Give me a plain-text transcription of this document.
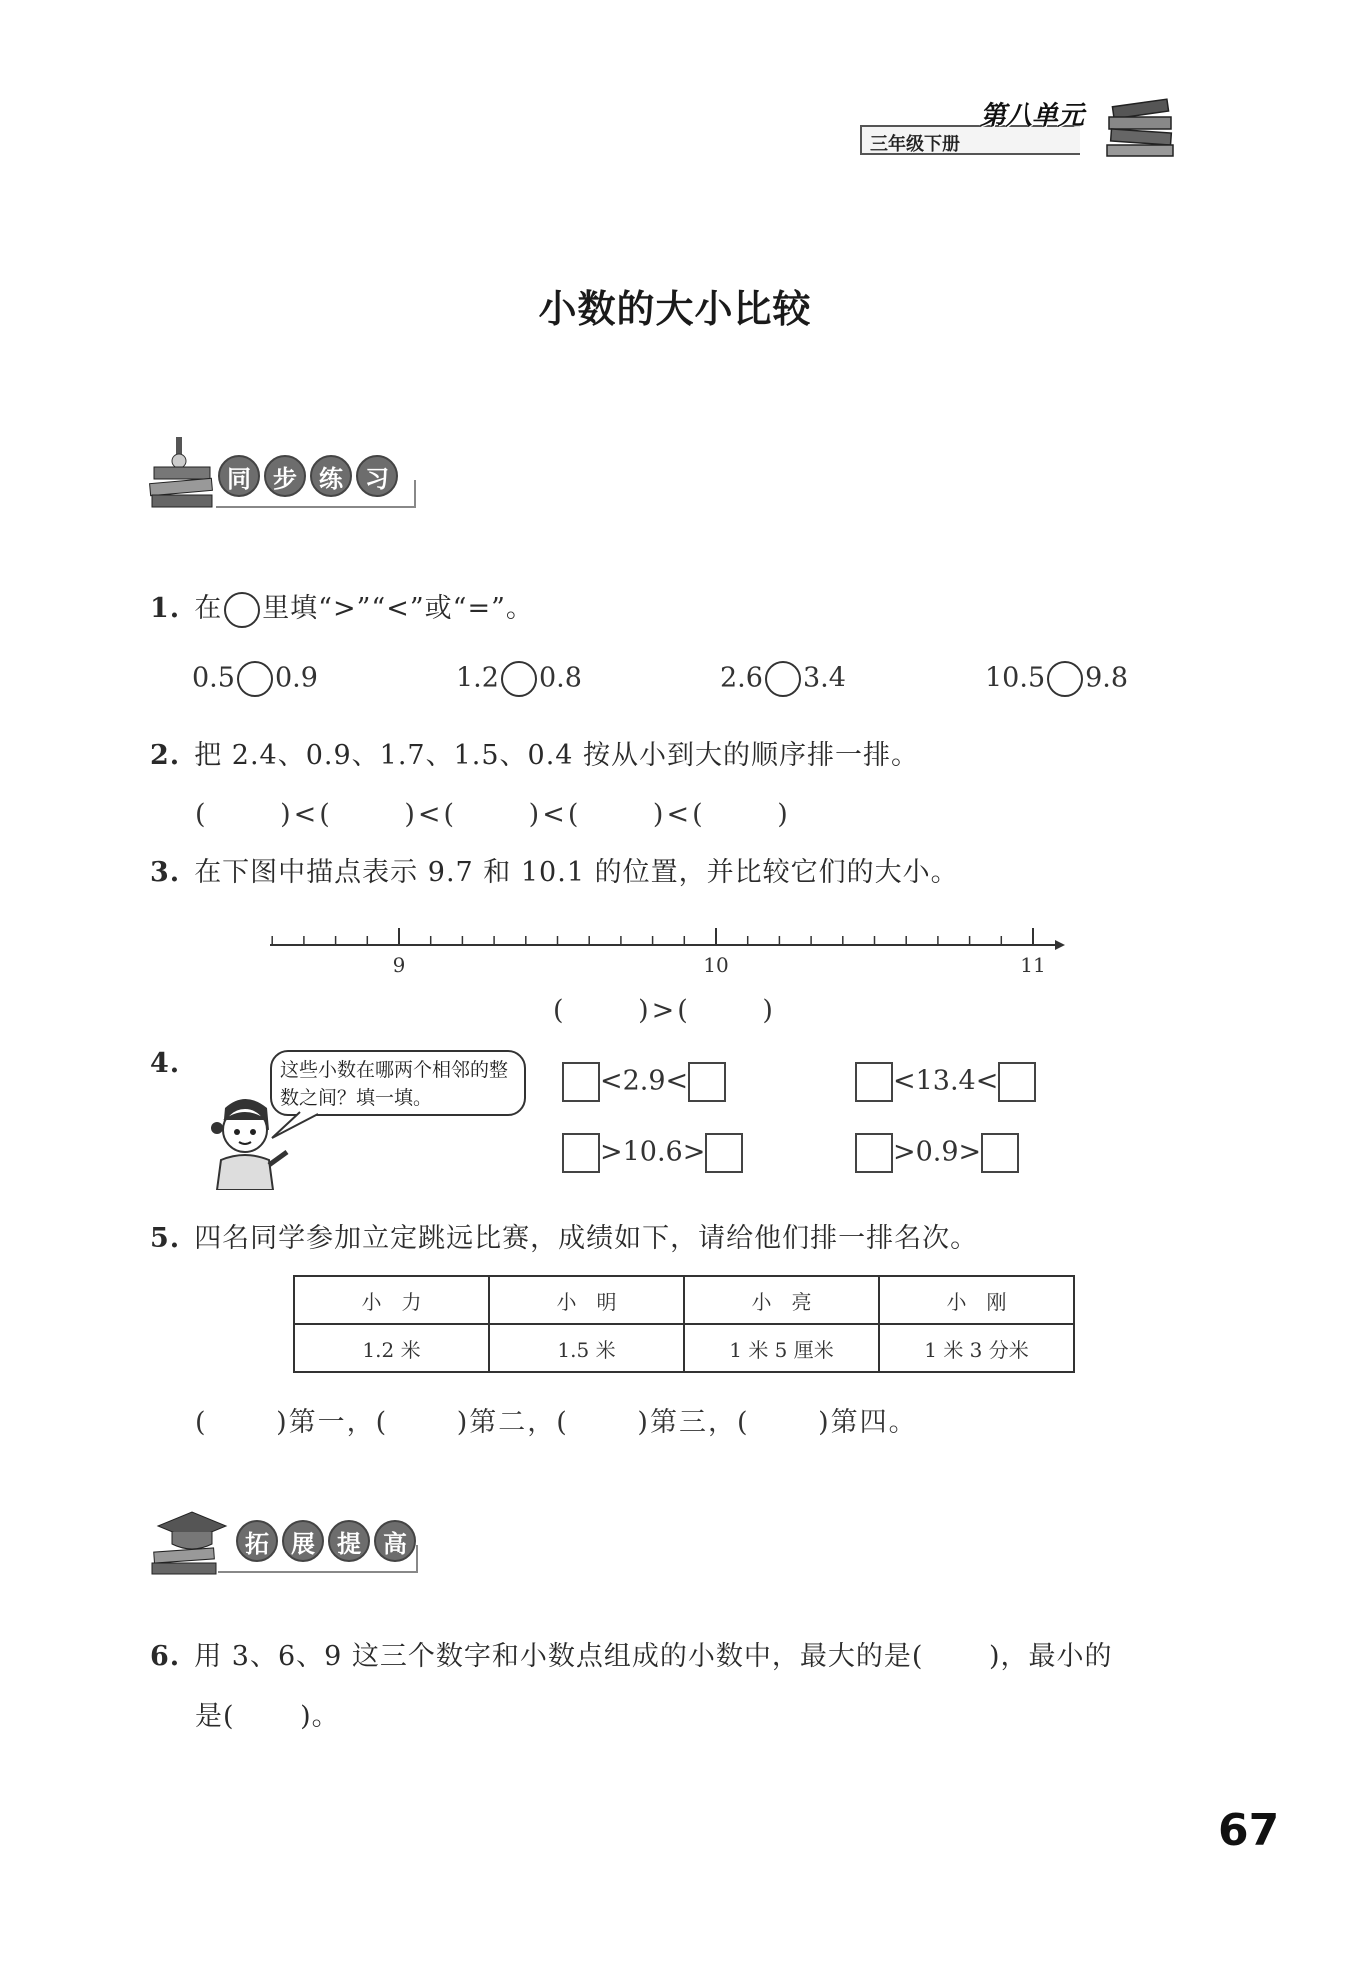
三年级下册
第八单元
小数的大小比较
同 步 练 习
1. 在 里填“>”“<”或“=”。
0.5 0.9	1.2 0.8	2.6 3.4	10.5 9.8
2. 把 2.4、0.9、1.7、1.5、0.4 按从小到大的顺序排一排。
(　　 )<(　　 )<(　　 )<(　　 )<(　　 )
3. 在下图中描点表示 9.7 和 10.1 的位置，并比较它们的大小。
9	10	11
(　　 )>(　　 )
4.	这些小数在哪两个相邻的整数之间？填一填。
<2.9<	<13.4<
>10.6>	>0.9>
5. 四名同学参加立定跳远比赛，成绩如下，请给他们排一排名次。
小　力	小　明	小　亮	小　刚
1.2 米	1.5 米	1 米 5 厘米	1 米 3 分米
(　　 )第一，(　　 )第二，(　　 )第三，(　　 )第四。
拓 展 提 高
6. 用 3、6、9 这三个数字和小数点组成的小数中，最大的是(　　 )，最小的
是(　　 )。
67
